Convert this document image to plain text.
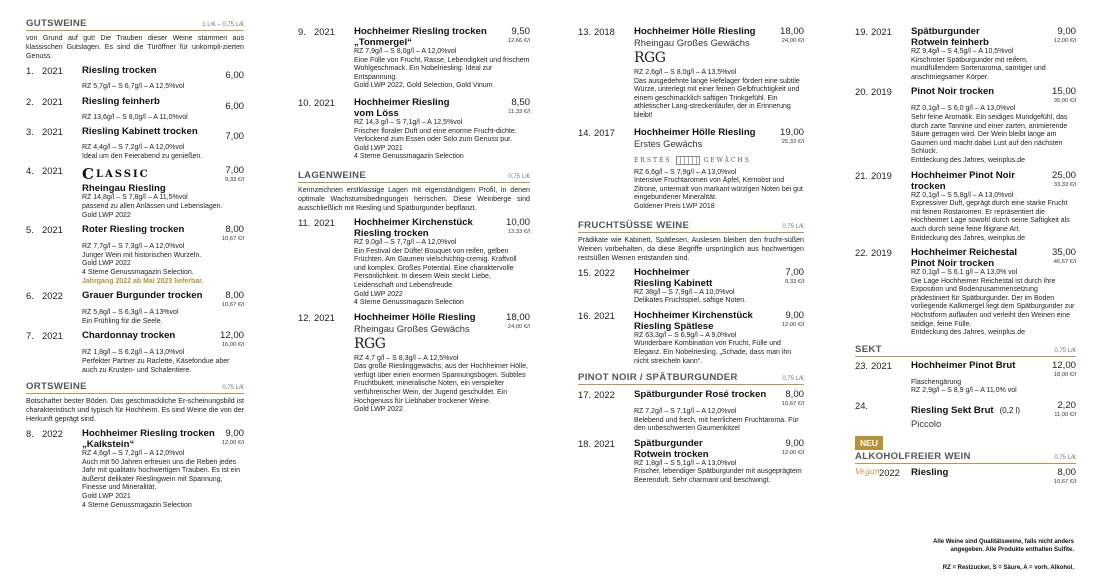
GUTSWEINE	1 L/€ – 0,75 L/€

von Grund auf gut! Die Trauben dieser Weine stammen aus klassischen Gutslagen. Es sind die Türöffner für unkompli-zierten Genuss.

1. 2021	Riesling trocken	6,00
RZ 5,7g/l – S 6,7g/l – A 12,5%vol
2. 2021	Riesling feinherb	6,00
RZ 13,6g/l – S 8,0g/l – A 11,0%vol
3. 2021	Riesling Kabinett trocken	7,00
RZ 4,4g/l – S 7,2g/l – A 12,0%vol
Ideal um den Feierabend zu genießen.
4. 2021	CLASSIC
Rheingau Riesling
7,00
9,33 €/l
RZ 14,8g/l – S 7,8g/l – A 11,5%vol
passend zu allen Anlässen und Lebenslagen.
Gold LWP 2022
5. 2021	Roter Riesling trocken	8,00
10,67 €/l
RZ 7,7g/l – S 7,3g/l – A 12,0%vol
Junger Wein mit historischen Wurzeln.
Gold LWP 2022
4 Sterne Genussmagazin Selection.
Jahrgang 2022 ab Mai 2023 lieferbar.
6. 2022	Grauer Burgunder trocken	8,00
10,67 €/l
RZ 5,8g/l – S 6,3g/l – A 13%vol
Ein Frühling für die Seele.
7. 2021	Chardonnay trocken	12,00
16,00 €/l
RZ 1,8g/l – S 6,2g/l – A 13,0%vol
Perfekter Partner zu Raclette, Käsefondue aber auch zu Krusten- und Schalentiere.
ORTSWEINE	0,75 L/€

Botschafter bester Böden. Das geschmackliche Er-scheinungsbild ist charakteristisch und typisch für Hochheim. Es sind Weine die von der Herkunft geprägt sind.

8. 2022	Hochheimer Riesling trocken
„Kalkstein“
9,00
12,00 €/l
RZ 4,6g/l – S 7,2g/l – A 12,0%vol
Auch mit 50 Jahren erfreuen uns die Reben jedes Jahr mit qualitativ hochwertigen Trauben. Es ist ein äußerst delikater Rieslingwein mit Spannung, Finesse und Mineralität.
Gold LWP 2021
4 Sterne Genussmagazin Selection
9. 2021	Hochheimer Riesling trocken
„Tonmergel“
9,50
12,66 €/l
RZ 7,9g/l – S 8,0g/l – A 12,0%vol
Eine Fülle von Frucht, Rasse, Lebendigkeit und frischem Wohlgeschmack. Ein Nobelriesling. Ideal zur Entspannung.
Gold LWP 2022, Gold Selection, Gold Vinum
10. 2021	Hochheimer Riesling
vom Löss
8,50
11,33 €/l
RZ 14,3 g/l – S 7,1g/l – A 12,5%vol
Frischer floraler Duft und eine enorme Frucht-dichte. Verlockend zum Essen oder Solo zum Genuss pur.
Gold LWP 2021
4 Sterne Genussmagazin Selection
LAGENWEINE	0,75 L/€

Kennzeichnen erstklassige Lagen mit eigenständigem Profil, in denen optimale Wachstumsbedingungen herrschen. Diese Weinberge sind ausschließlich mit Riesling und Spätburgunder bepflanzt.

11. 2021	Hochheimer Kirchenstück
Riesling trocken
10,00
13,33 €/l
RZ 9,0g/l – S 7,7g/l – A 12,0%vol
Ein Festival der Düfte! Bouquet von reifen, gelben Früchten. Am Gaumen vielschichtig-cremig. Kraftvoll und komplex. Großes Potential. Eine charaktervolle Persönlichkeit. In diesem Wein steckt Liebe, Leidenschaft und Lebensfreude.
Gold LWP 2022
4 Sterne Genussmagazin Selection
12. 2021	Hochheimer Hölle Riesling
Rheingau Großes Gewächs
RGG
18,00
24,00 €/l
RZ 4,7 g/l – S 8,3g/l – A 12,5%vol
Das große Rieslinggewächs, aus der Hochheimer Hölle, verfügt über einen enormen Spannungsbogen. Subtiles Fruchtbukett, mineralische Noten, ein verspielter verführerischer Wein, der Jugend geschuldet. Ein Hochgenuss für Liebhaber trockener Weine.
Gold LWP 2022
13. 2018	Hochheimer Hölle Riesling
Rheingau Großes Gewächs
RGG
18,00
24,00 €/l
RZ 2,6g/l – S 8,0g/l – A 13,5%vol
Das ausgedehnte lange Hefelager fördert eine subtile Würze, unterlegt mit einer feinen Gelbfruchtigkeit und einem geschmacklich saftigen Trinkgefühl. Ein athletischer Lang-streckenläufer, der in Erinnerung bleibt!
14. 2017	Hochheimer Hölle Riesling
Erstes Gewächs
ERSTES	GEWÄCHS
19,00
25,33 €/l
RZ 6,6g/l – S 7,9g/l – A 13,0%vol
Intensive Fruchtaromen von Äpfel, Kernobst und Zitrone, untermalt von markant würzigen Noten bei gut eingebundener Mineralität.
Goldener Preis LWP 2018
FRUCHTSÜSSE WEINE	0,75 L/€

Prädikate wie Kabinett, Spätlesen, Auslesen bleiben den frucht-süßen Weinen vorbehalten, da diese Begriffe ursprünglich aus hochwertigen restsüßen Weinen entstanden sind.

15. 2022	Hochheimer
Riesling Kabinett
7,00
9,33 €/l
RZ 38g/l – S 7,9g/l – A 10,0%vol
Delikates Fruchtspiel, saftige Noten.
16. 2021	Hochheimer Kirchenstück
Riesling Spätlese
9,00
12,00 €/l
RZ 63,3g/l – S 6,9g/l – A 9,0%vol
Wunderbare Kombination von Frucht, Fülle und Eleganz. Ein Nobelriesling. „Schade, dass man ihn nicht streicheln kann“.
PINOT NOIR / SPÄTBURGUNDER	0,75 L/€
17. 2022	Spätburgunder Rosé trocken	8,00
10,67 €/l
RZ 7,2g/l – S 7,1g/l – A 12,0%vol
Belebend und frech, mit herrlichem Fruchtaroma. Für den unbeschwerten Gaumenkitzel
18. 2021	Spätburgunder
Rotwein trocken
9,00
12,00 €/l
RZ 1,8g/l – S 5,1g/l – A 13,0%vol
Frischer, lebendiger Spätburgunder mit ausgeprägtem Beerenduft. Sehr charmant und beschwingt.
19. 2021	Spätburgunder
Rotwein feinherb
9,00
12,00 €/l
RZ 9,4g/l – S 4,5g/l – A 10,5%vol
Kirschroter Spätburgunder mit reifem, mundfüllendem Sortenaroma, samtiger und anschmiegsamer Körper.
20. 2019	Pinot Noir trocken	15,00
35,00 €/l
RZ 0,1g/l – S 6,0 g/l – A 13,0%vol
Sehr feine Aromatik. Ein seidiges Mundgefühl, das durch zarte Tannine und einer zarten, animierende Säure getragen wird. Der Wein bleibt lange am Gaumen und macht dabei Lust auf den nächsten Schluck.
Entdeckung des Jahres, weinplus.de
21. 2019	Hochheimer Pinot Noir
trocken
25,00
33,33 €/l
RZ 0,1g/l – S 5,8g/l – A 13,0%vol
Expressiver Duft, geprägt durch eine starke Frucht mit feinen Rostaromen. Er repräsentiert die Hochheimer Lage sowohl durch seine Saftigkeit als auch durch seine feine filigrane Art.
Entdeckung des Jahres, weinplus.de
22. 2019	Hochheimer Reichestal
Pinot Noir trocken
35,00
46,67 €/l
RZ 0,1g/l – S 6,1 g/l – A 13,0% vol
Die Lage Hochheimer Reichestal ist durch ihre Exposition und Bodenzusammensetzung prädestiniert für Spätburgunder. Der im Boden vorliegende Kalkmergel liegt dem Spätburgunder zur Höchstform auflaufen und verleiht den Weinen eine seidige, feine Fülle.
Entdeckung des Jahres, weinplus.de
SEKT	0,75 L/€
23. 2021	Hochheimer Pinot Brut	12,00
18,00 €/l
Flaschengärung
RZ 2,9g/l – S 8,9 g/l – A 11,0% vol
24.	Riesling Sekt Brut (0,2 l)
Piccolo
2,20
11,00 €/l
NEU
ALKOHOLFREIER WEIN	0,75 L/€
Vegan 2022	Riesling	8,00
10,67 €/l
Alle Weine sind Qualitätsweine, falls nicht anders angegeben. Alle Produkte enthalten Sulfite.
RZ = Restzucker, S = Säure, A = vorh. Alkohol.
